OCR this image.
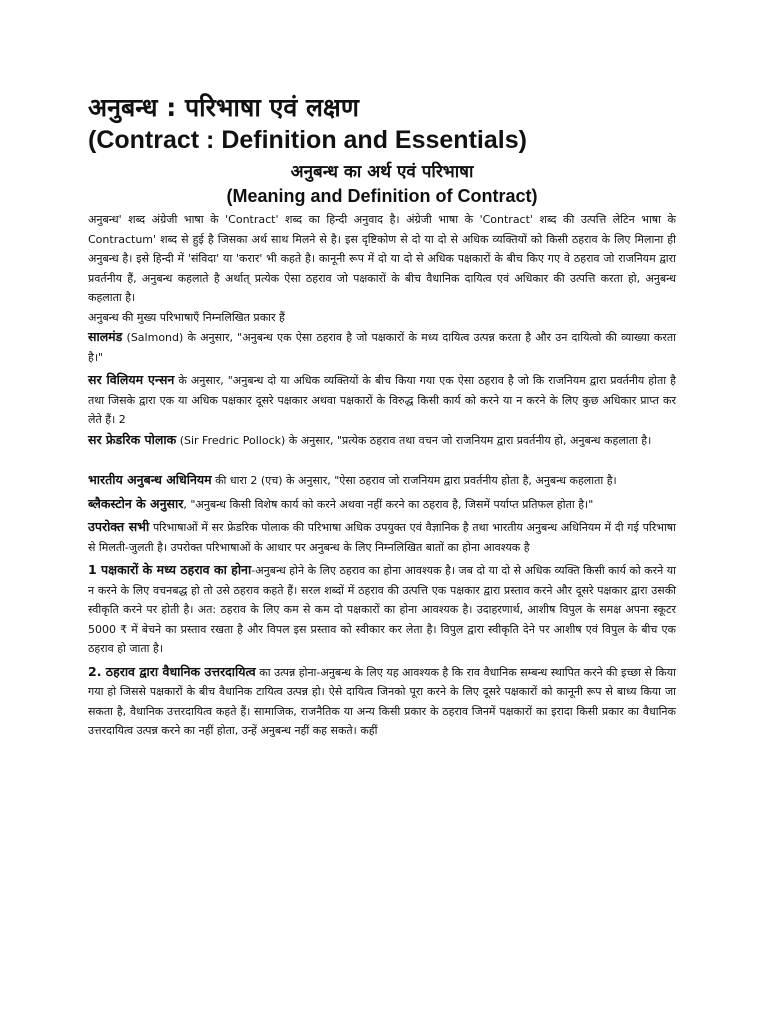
अनुबन्ध : परिभाषा एवं लक्षण
(Contract : Definition and Essentials)
अनुबन्ध का अर्थ एवं परिभाषा
(Meaning and Definition of Contract)

अनुबन्ध' शब्द अंग्रेजी भाषा के 'Contract' शब्द का हिन्दी अनुवाद है। अंग्रेजी भाषा के 'Contract' शब्द की उत्पत्ति लेटिन भाषा के Contractum' शब्द से हुई है जिसका अर्थ साथ मिलने से है। इस दृष्टिकोण से दो या दो से अधिक व्यक्तियों को किसी ठहराव के लिए मिलाना ही अनुबन्ध है। इसे हिन्दी में 'संविदा' या 'करार' भी कहते है। कानूनी रूप में दो या दो से अधिक पक्षकारों के बीच किए गए वे ठहराव जो राजनियम द्वारा प्रवर्तनीय हैं, अनुबन्ध कहलाते है अर्थात् प्रत्येक ऐसा ठहराव जो पक्षकारों के बीच वैधानिक दायित्व एवं अधिकार की उत्पत्ति करता हो, अनुबन्ध कहलाता है।

अनुबन्ध की मुख्य परिभाषाएँ निम्नलिखित प्रकार हैं

सालमंड (Salmond) के अनुसार, "अनुबन्ध एक ऐसा ठहराव है जो पक्षकारों के मध्य दायित्व उत्पन्न करता है और उन दायित्वो की व्याख्या करता है।"

सर विलियम एन्सन के अनुसार, "अनुबन्ध दो या अधिक व्यक्तियों के बीच किया गया एक ऐसा ठहराव है जो कि राजनियम द्वारा प्रवर्तनीय होता है तथा जिसके द्वारा एक या अधिक पक्षकार दूसरे पक्षकार अथवा पक्षकारों के विरुद्ध किसी कार्य को करने या न करने के लिए कुछ अधिकार प्राप्त कर लेते हैं। 2

सर फ्रेडरिक पोलाक (Sir Fredric Pollock) के अनुसार, "प्रत्येक ठहराव तथा वचन जो राजनियम द्वारा प्रवर्तनीय हो, अनुबन्ध कहलाता है।

भारतीय अनुबन्ध अधिनियम की धारा 2 (एच) के अनुसार, "ऐसा ठहराव जो राजनियम द्वारा प्रवर्तनीय होता है, अनुबन्ध कहलाता है।

ब्लैकस्टोन के अनुसार, "अनुबन्ध किसी विशेष कार्य को करने अथवा नहीं करने का ठहराव है, जिसमें पर्याप्त प्रतिफल होता है।"

उपरोक्त सभी परिभाषाओं में सर फ्रेडरिक पोलाक की परिभाषा अधिक उपयुक्त एवं वैज्ञानिक है तथा भारतीय अनुबन्ध अधिनियम में दी गई परिभाषा से मिलती-जुलती है। उपरोक्त परिभाषाओं के आधार पर अनुबन्ध के लिए निम्नलिखित बातों का होना आवश्यक है

1 पक्षकारों के मध्य ठहराव का होना-अनुबन्ध होने के लिए ठहराव का होना आवश्यक है। जब दो या दो से अधिक व्यक्ति किसी कार्य को करने या न करने के लिए वचनबद्ध हो तो उसे ठहराव कहते हैं। सरल शब्दों में ठहराव की उत्पत्ति एक पक्षकार द्वारा प्रस्ताव करने और दूसरे पक्षकार द्वारा उसकी स्वीकृति करने पर होती है। अत: ठहराव के लिए कम से कम दो पक्षकारों का होना आवश्यक है। उदाहरणार्थ, आशीष विपुल के समक्ष अपना स्कूटर 5000 ₹ में बेचने का प्रस्ताव रखता है और विपल इस प्रस्ताव को स्वीकार कर लेता है। विपुल द्वारा स्वीकृति देने पर आशीष एवं विपुल के बीच एक ठहराव हो जाता है।

2. ठहराव द्वारा वैधानिक उत्तरदायित्व का उत्पन्न होना-अनुबन्ध के लिए यह आवश्यक है कि राव वैधानिक सम्बन्ध स्थापित करने की इच्छा से किया गया हो जिससे पक्षकारों के बीच वैधानिक टायित्व उत्पन्न हो। ऐसे दायित्व जिनको पूरा करने के लिए दूसरे पक्षकारों को कानूनी रूप से बाध्य किया जा सकता है, वैधानिक उत्तरदायित्व कहते हैं। सामाजिक, राजनैतिक या अन्य किसी प्रकार के ठहराव जिनमें पक्षकारों का इरादा किसी प्रकार का वैधानिक उत्तरदायित्व उत्पन्न करने का नहीं होता, उन्हें अनुबन्ध नहीं कह सकते। कहीं
